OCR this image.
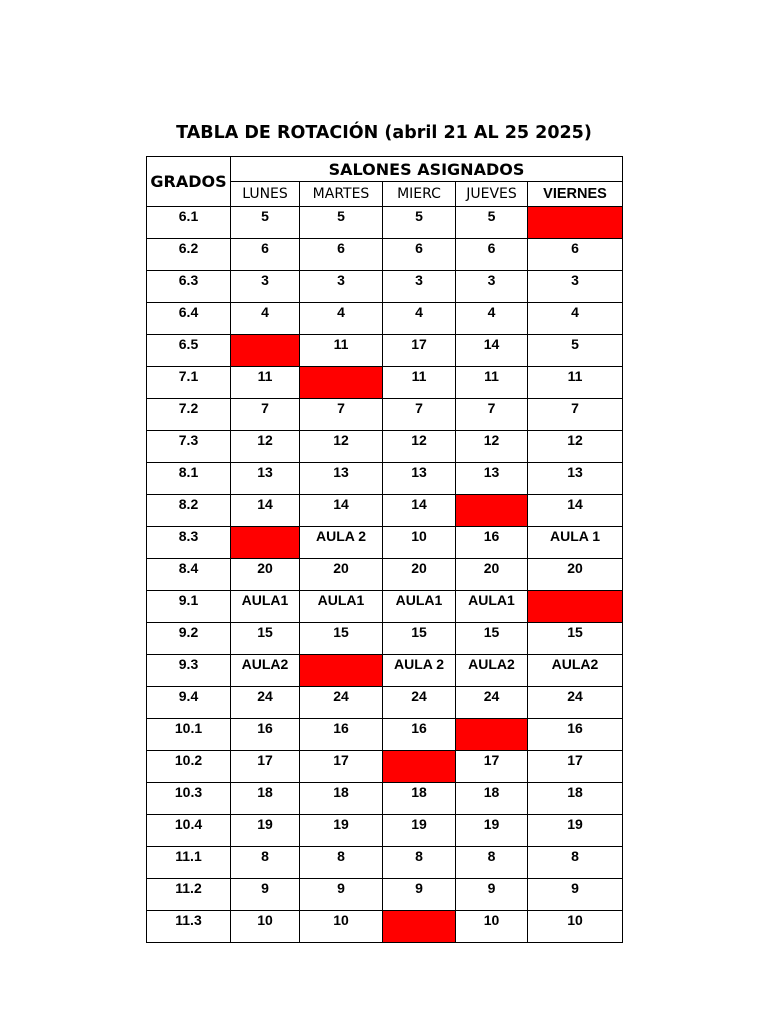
TABLA DE ROTACIÓN (abril 21 AL 25 2025)
GRADOS	SALONES ASIGNADOS				
	LUNES	MARTES	MIERC	JUEVES	VIERNES
6.1	5	5	5	5	
6.2	6	6	6	6	6
6.3	3	3	3	3	3
6.4	4	4	4	4	4
6.5		11	17	14	5
7.1	11		11	11	11
7.2	7	7	7	7	7
7.3	12	12	12	12	12
8.1	13	13	13	13	13
8.2	14	14	14		14
8.3		AULA 2	10	16	AULA 1
8.4	20	20	20	20	20
9.1	AULA1	AULA1	AULA1	AULA1	
9.2	15	15	15	15	15
9.3	AULA2		AULA 2	AULA2	AULA2
9.4	24	24	24	24	24
10.1	16	16	16		16
10.2	17	17		17	17
10.3	18	18	18	18	18
10.4	19	19	19	19	19
11.1	8	8	8	8	8
11.2	9	9	9	9	9
11.3	10	10		10	10
